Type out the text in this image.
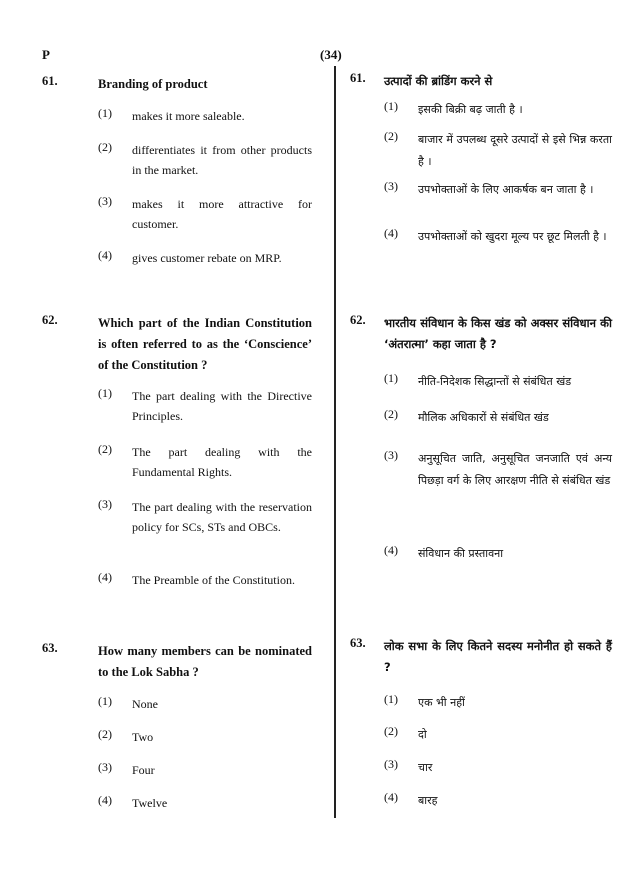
P	(34)
61.	Branding of product
(1) makes it more saleable.
(2) differentiates it from other products in the market.
(3) makes it more attractive for customer.
(4) gives customer rebate on MRP.
62.	Which part of the Indian Constitution is often referred to as the ‘Conscience’ of the Constitution ?
(1) The part dealing with the Directive Principles.
(2) The part dealing with the Fundamental Rights.
(3) The part dealing with the reservation policy for SCs, STs and OBCs.
(4) The Preamble of the Constitution.
63.	How many members can be nominated to the Lok Sabha ?
(1) None
(2) Two
(3) Four
(4) Twelve
61. उत्पादों की ब्रांडिंग करने से
(1) इसकी बिक्री बढ़ जाती है ।
(2) बाजार में उपलब्ध दूसरे उत्पादों से इसे भिन्न करता है ।
(3) उपभोक्ताओं के लिए आकर्षक बन जाता है ।
(4) उपभोक्ताओं को खुदरा मूल्य पर छूट मिलती है ।
62. भारतीय संविधान के किस खंड को अक्सर संविधान की ‘अंतरात्मा’ कहा जाता है ?
(1) नीति-निदेशक सिद्धान्तों से संबंधित खंड
(2) मौलिक अधिकारों से संबंधित खंड
(3) अनुसूचित जाति, अनुसूचित जनजाति एवं अन्य पिछड़ा वर्ग के लिए आरक्षण नीति से संबंधित खंड
(4) संविधान की प्रस्तावना
63. लोक सभा के लिए कितने सदस्य मनोनीत हो सकते हैं ?
(1) एक भी नहीं
(2) दो
(3) चार
(4) बारह
